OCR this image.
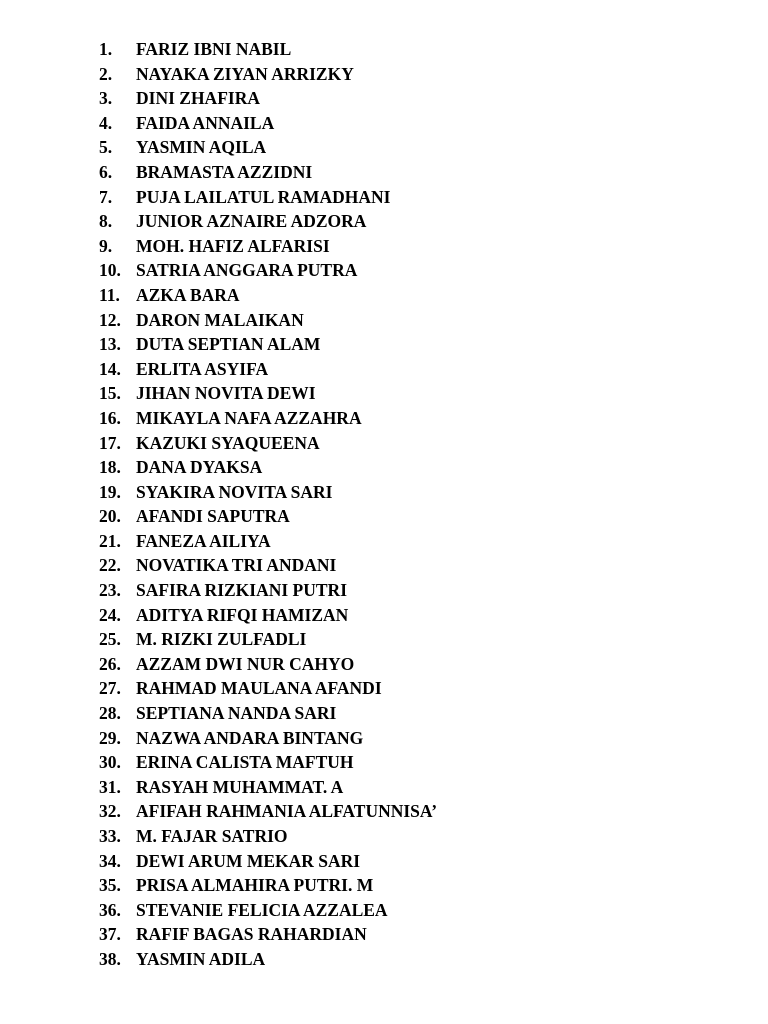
1.	FARIZ IBNI NABIL
2.	NAYAKA ZIYAN ARRIZKY
3.	DINI ZHAFIRA
4.	FAIDA ANNAILA
5.	YASMIN AQILA
6.	BRAMASTA AZZIDNI
7.	PUJA LAILATUL RAMADHANI
8.	JUNIOR AZNAIRE ADZORA
9.	MOH. HAFIZ ALFARISI
10. SATRIA ANGGARA PUTRA
11. AZKA BARA
12. DARON MALAIKAN
13. DUTA SEPTIAN ALAM
14. ERLITA ASYIFA
15. JIHAN NOVITA DEWI
16. MIKAYLA NAFA AZZAHRA
17. KAZUKI SYAQUEENA
18. DANA DYAKSA
19. SYAKIRA NOVITA SARI
20. AFANDI SAPUTRA
21. FANEZA AILIYA
22. NOVATIKA TRI ANDANI
23. SAFIRA RIZKIANI PUTRI
24. ADITYA RIFQI HAMIZAN
25. M. RIZKI ZULFADLI
26. AZZAM DWI NUR CAHYO
27. RAHMAD MAULANA AFANDI
28. SEPTIANA NANDA SARI
29. NAZWA ANDARA BINTANG
30. ERINA CALISTA MAFTUH
31. RASYAH MUHAMMAT. A
32. AFIFAH RAHMANIA ALFATUNNISA’
33. M. FAJAR SATRIO
34. DEWI ARUM MEKAR SARI
35. PRISA ALMAHIRA PUTRI. M
36. STEVANIE FELICIA AZZALEA
37. RAFIF BAGAS RAHARDIAN
38. YASMIN ADILA
